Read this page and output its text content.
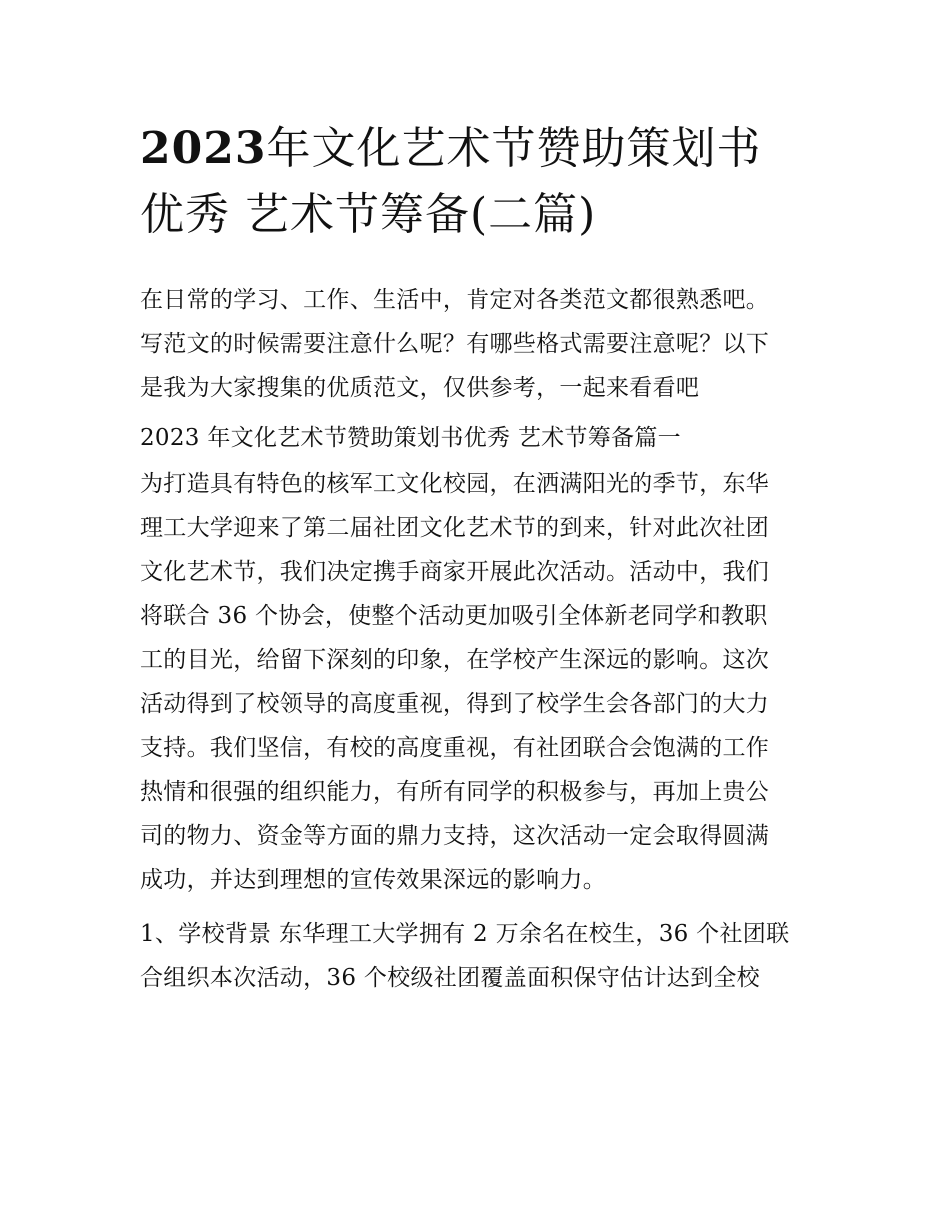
2023年文化艺术节赞助策划书
优秀 艺术节筹备(二篇)
在日常的学习、工作、生活中，肯定对各类范文都很熟悉吧。
写范文的时候需要注意什么呢？有哪些格式需要注意呢？以下
是我为大家搜集的优质范文，仅供参考，一起来看看吧
2023 年文化艺术节赞助策划书优秀 艺术节筹备篇一
为打造具有特色的核军工文化校园，在洒满阳光的季节，东华
理工大学迎来了第二届社团文化艺术节的到来，针对此次社团
文化艺术节，我们决定携手商家开展此次活动。活动中，我们
将联合 36 个协会，使整个活动更加吸引全体新老同学和教职
工的目光，给留下深刻的印象，在学校产生深远的影响。这次
活动得到了校领导的高度重视，得到了校学生会各部门的大力
支持。我们坚信，有校的高度重视，有社团联合会饱满的工作
热情和很强的组织能力，有所有同学的积极参与，再加上贵公
司的物力、资金等方面的鼎力支持，这次活动一定会取得圆满
成功，并达到理想的宣传效果深远的影响力。
1、学校背景 东华理工大学拥有 2 万余名在校生，36 个社团联
合组织本次活动，36 个校级社团覆盖面积保守估计达到全校
